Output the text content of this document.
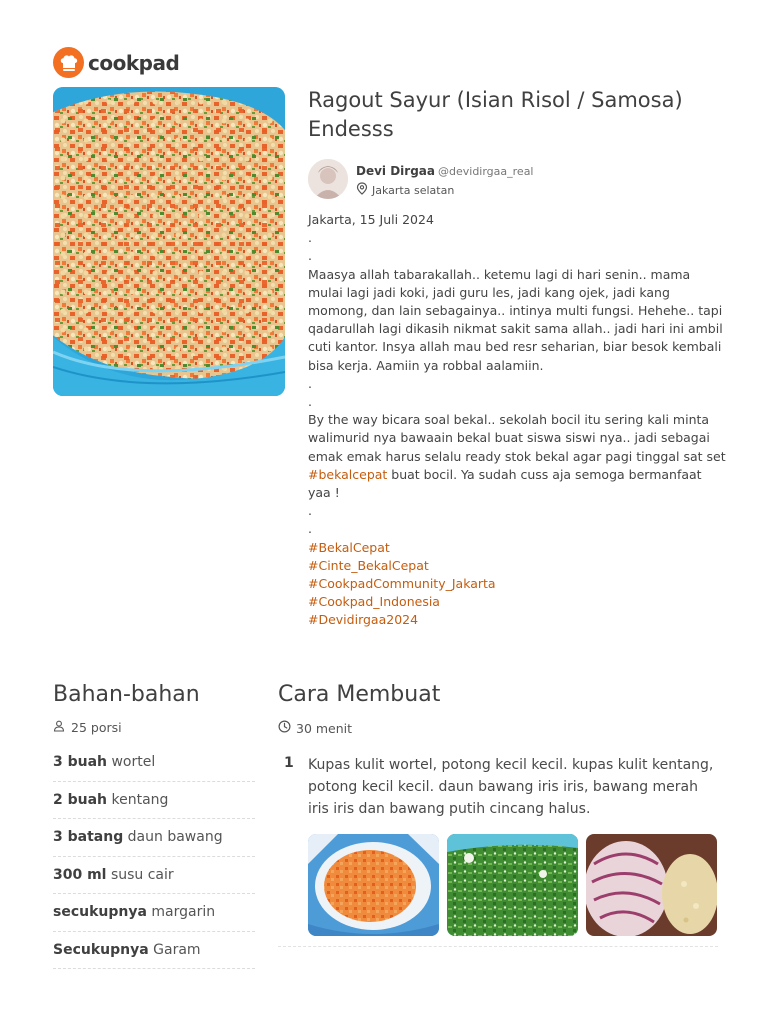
cookpad
Ragout Sayur (Isian Risol / Samosa) Endesss
Devi Dirgaa @devidirgaa_real
Jakarta selatan
Jakarta, 15 Juli 2024
.
.
Maasya allah tabarakallah.. ketemu lagi di hari senin.. mama
mulai lagi jadi koki, jadi guru les, jadi kang ojek, jadi kang
momong, dan lain sebagainya.. intinya multi fungsi. Hehehe.. tapi
qadarullah lagi dikasih nikmat sakit sama allah.. jadi hari ini ambil
cuti kantor. Insya allah mau bed resr seharian, biar besok kembali
bisa kerja. Aamiin ya robbal aalamiin.
.
.
By the way bicara soal bekal.. sekolah bocil itu sering kali minta
walimurid nya bawaain bekal buat siswa siswi nya.. jadi sebagai
emak emak harus selalu ready stok bekal agar pagi tinggal sat set
#bekalcepat buat bocil. Ya sudah cuss aja semoga bermanfaat
yaa !
.
.
#BekalCepat
#Cinte_BekalCepat
#CookpadCommunity_Jakarta
#Cookpad_Indonesia
#Devidirgaa2024
Bahan-bahan
25 porsi
3 buah wortel
2 buah kentang
3 batang daun bawang
300 ml susu cair
secukupnya margarin
Secukupnya Garam
Cara Membuat
30 menit
1 Kupas kulit wortel, potong kecil kecil. kupas kulit kentang, potong kecil kecil. daun bawang iris iris, bawang merah iris iris dan bawang putih cincang halus.
